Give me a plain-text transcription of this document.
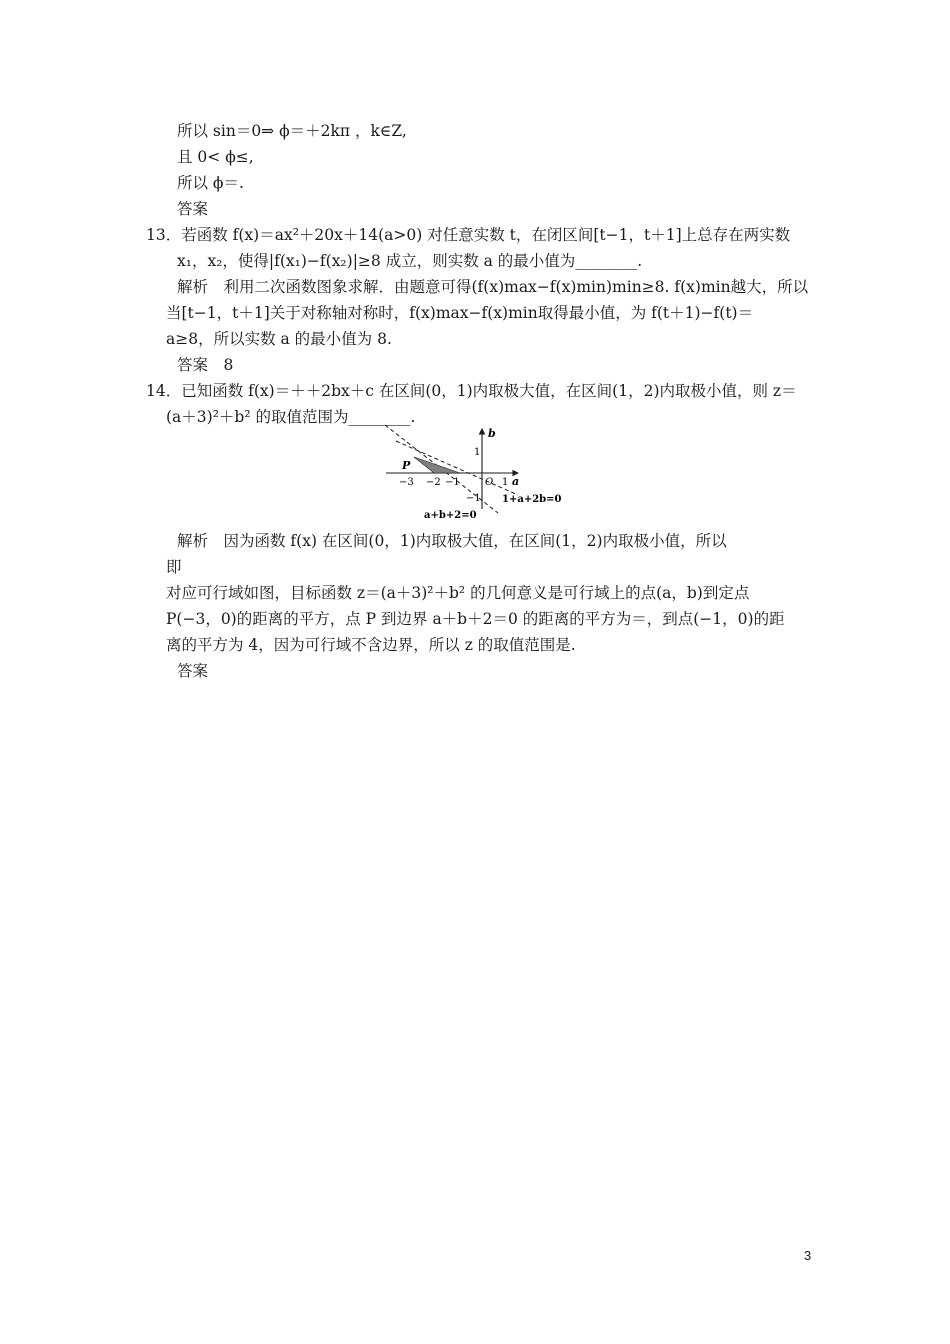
所以 sin＝0⇒ ϕ＝＋2kπ ，k∈Z,
且 0< ϕ≤,
所以 ϕ＝.
答案
13．若函数 f(x)＝ax²＋20x＋14(a>0) 对任意实数 t，在闭区间[t−1，t＋1]上总存在两实数
x₁，x₂，使得|f(x₁)−f(x₂)|≥8 成立，则实数 a 的最小值为________.
解析　利用二次函数图象求解．由题意可得(f(x)max−f(x)min)min≥8. f(x)min越大，所以
当[t−1，t＋1]关于对称轴对称时，f(x)max−f(x)min取得最小值，为 f(t＋1)−f(t)＝
a≥8，所以实数 a 的最小值为 8.
答案　8
14．已知函数 f(x)＝＋＋2bx＋c 在区间(0，1)内取极大值，在区间(1，2)内取极小值，则 z＝
(a＋3)²＋b² 的取值范围为________.
b
a
1
P
−3 −2 −1	O 1
−1 1+a+2b=0
a+b+2=0
解析　因为函数 f(x) 在区间(0，1)内取极大值，在区间(1，2)内取极小值，所以
即
对应可行域如图，目标函数 z＝(a＋3)²＋b² 的几何意义是可行域上的点(a，b)到定点
P(−3，0)的距离的平方，点 P 到边界 a＋b＋2＝0 的距离的平方为＝，到点(−1，0)的距
离的平方为 4，因为可行域不含边界，所以 z 的取值范围是.
答案
3
